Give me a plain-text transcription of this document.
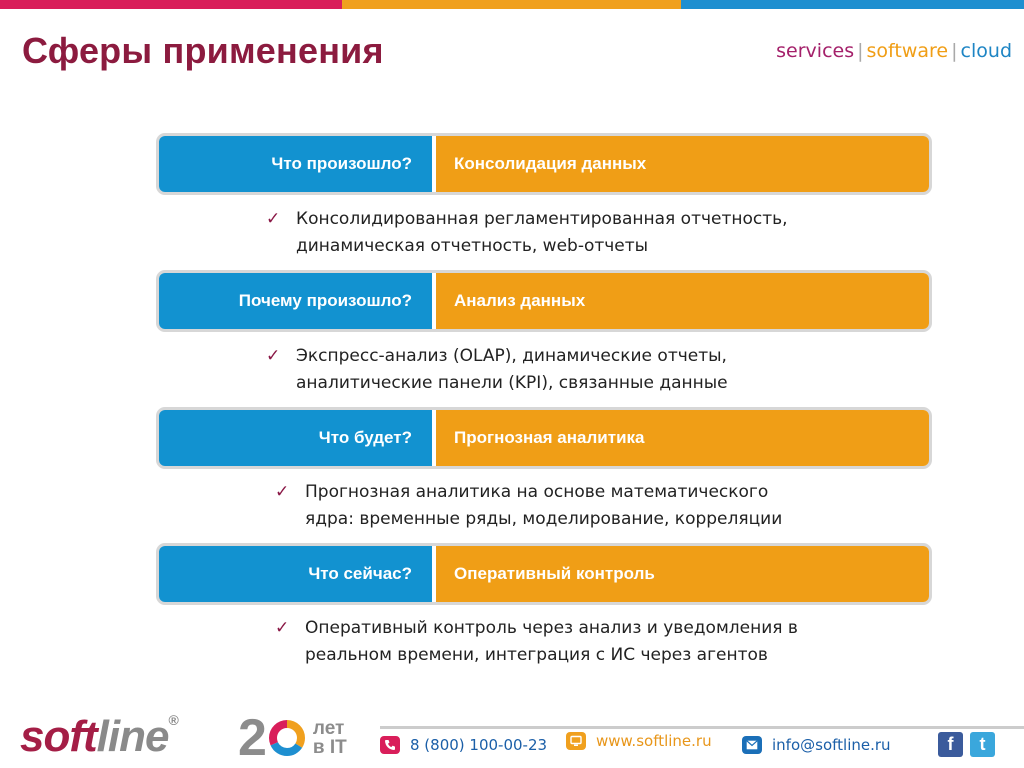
Сферы применения	services | software | cloud
Что произошло? Консолидация данных
✓ Консолидированная регламентированная отчетность,
динамическая отчетность, web-отчеты
Почему произошло? Анализ данных
✓ Экспресс-анализ (OLAP), динамические отчеты,
аналитические панели (KPI), связанные данные
Что будет? Прогнозная аналитика
✓ Прогнозная аналитика на основе математического
ядра: временные ряды, моделирование, корреляции
Что сейчас? Оперативный контроль
✓ Оперативный контроль через анализ и уведомления в
реальном времени, интеграция с ИС через агентов
softline® 2 лет
в IT	8 (800) 100-00-23	www.softline.ru	info@softline.ru	f t
